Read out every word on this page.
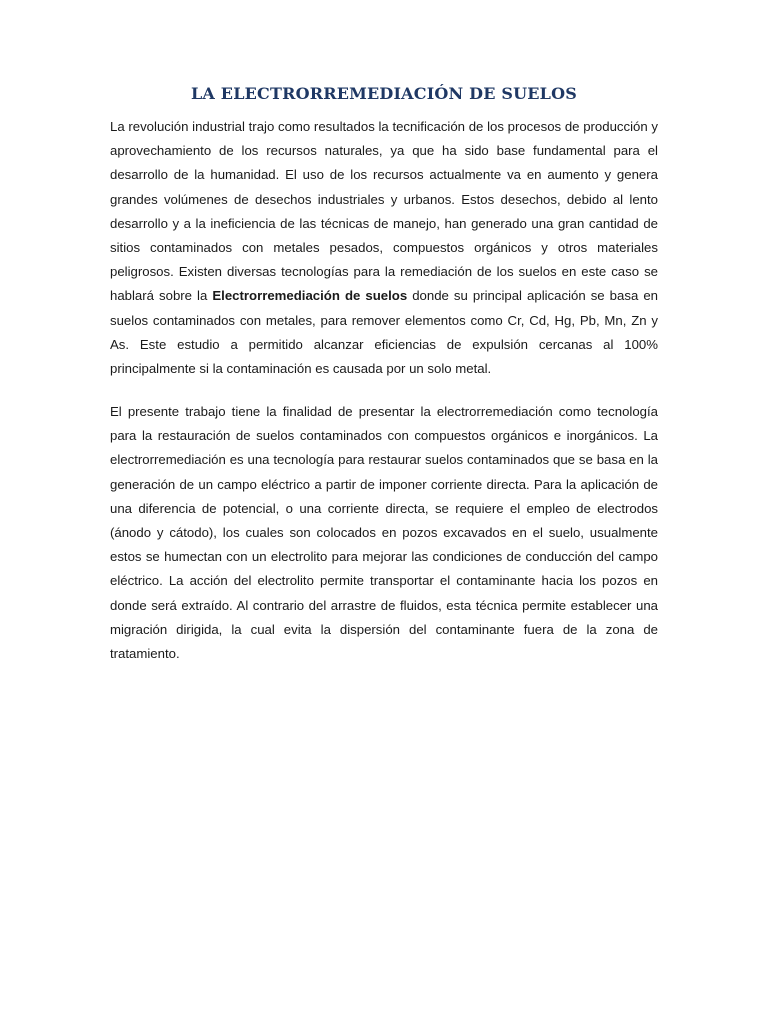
LA ELECTRORREMEDIACIÓN DE SUELOS

La revolución industrial trajo como resultados la tecnificación de los procesos de producción y aprovechamiento de los recursos naturales, ya que ha sido base fundamental para el desarrollo de la humanidad. El uso de los recursos actualmente va en aumento y genera grandes volúmenes de desechos industriales y urbanos. Estos desechos, debido al lento desarrollo y a la ineficiencia de las técnicas de manejo, han generado una gran cantidad de sitios contaminados con metales pesados, compuestos orgánicos y otros materiales peligrosos. Existen diversas tecnologías para la remediación de los suelos en este caso se hablará sobre la Electrorremediación de suelos donde su principal aplicación se basa en suelos contaminados con metales, para remover elementos como Cr, Cd, Hg, Pb, Mn, Zn y As. Este estudio a permitido alcanzar eficiencias de expulsión cercanas al 100% principalmente si la contaminación es causada por un solo metal.

El presente trabajo tiene la finalidad de presentar la electrorremediación como tecnología para la restauración de suelos contaminados con compuestos orgánicos e inorgánicos. La electrorremediación es una tecnología para restaurar suelos contaminados que se basa en la generación de un campo eléctrico a partir de imponer corriente directa. Para la aplicación de una diferencia de potencial, o una corriente directa, se requiere el empleo de electrodos (ánodo y cátodo), los cuales son colocados en pozos excavados en el suelo, usualmente estos se humectan con un electrolito para mejorar las condiciones de conducción del campo eléctrico. La acción del electrolito permite transportar el contaminante hacia los pozos en donde será extraído. Al contrario del arrastre de fluidos, esta técnica permite establecer una migración dirigida, la cual evita la dispersión del contaminante fuera de la zona de tratamiento.
